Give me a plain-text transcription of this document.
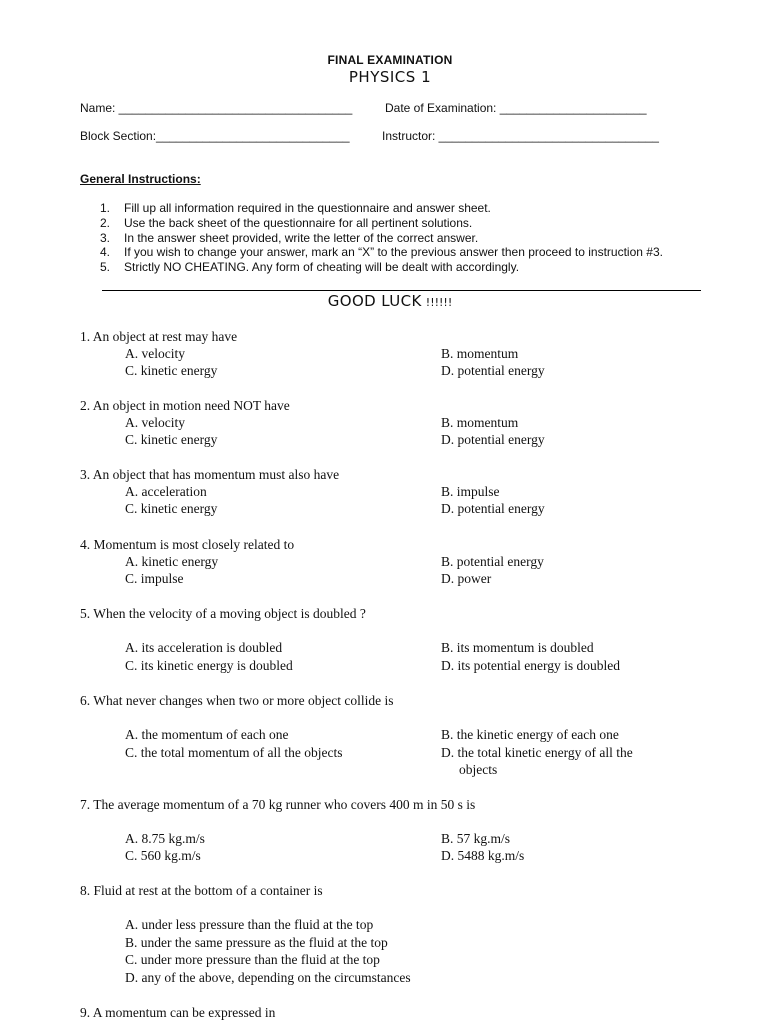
FINAL EXAMINATION
PHYSICS 1
Name: ___________________________________	Date of Examination: ______________________
Block Section:_____________________________	Instructor: _________________________________
General Instructions:
1. Fill up all information required in the questionnaire and answer sheet.
2. Use the back sheet of the questionnaire for all pertinent solutions.
3. In the answer sheet provided, write the letter of the correct answer.
4. If you wish to change your answer, mark an “X” to the previous answer then proceed to instruction #3.
5. Strictly NO CHEATING. Any form of cheating will be dealt with accordingly.
GOOD LUCK !!!!!!
1. An object at rest may have
A. velocity	B. momentum
C. kinetic energy	D. potential energy
2. An object in motion need NOT have
A. velocity	B. momentum
C. kinetic energy	D. potential energy
3. An object that has momentum must also have
A. acceleration	B. impulse
C. kinetic energy	D. potential energy
4. Momentum is most closely related to
A. kinetic energy	B. potential energy
C. impulse	D. power
5. When the velocity of a moving object is doubled ?
A. its acceleration is doubled	B. its momentum is doubled
C. its kinetic energy is doubled	D. its potential energy is doubled
6. What never changes when two or more object collide is
A. the momentum of each one	B. the kinetic energy of each one
C. the total momentum of all the objects	D. the total kinetic energy of all the
objects
7. The average momentum of a 70 kg runner who covers 400 m in 50 s is
A. 8.75 kg.m/s	B. 57 kg.m/s
C. 560 kg.m/s	D. 5488 kg.m/s
8. Fluid at rest at the bottom of a container is
A. under less pressure than the fluid at the top
B. under the same pressure as the fluid at the top
C. under more pressure than the fluid at the top
D. any of the above, depending on the circumstances
9. A momentum can be expressed in
